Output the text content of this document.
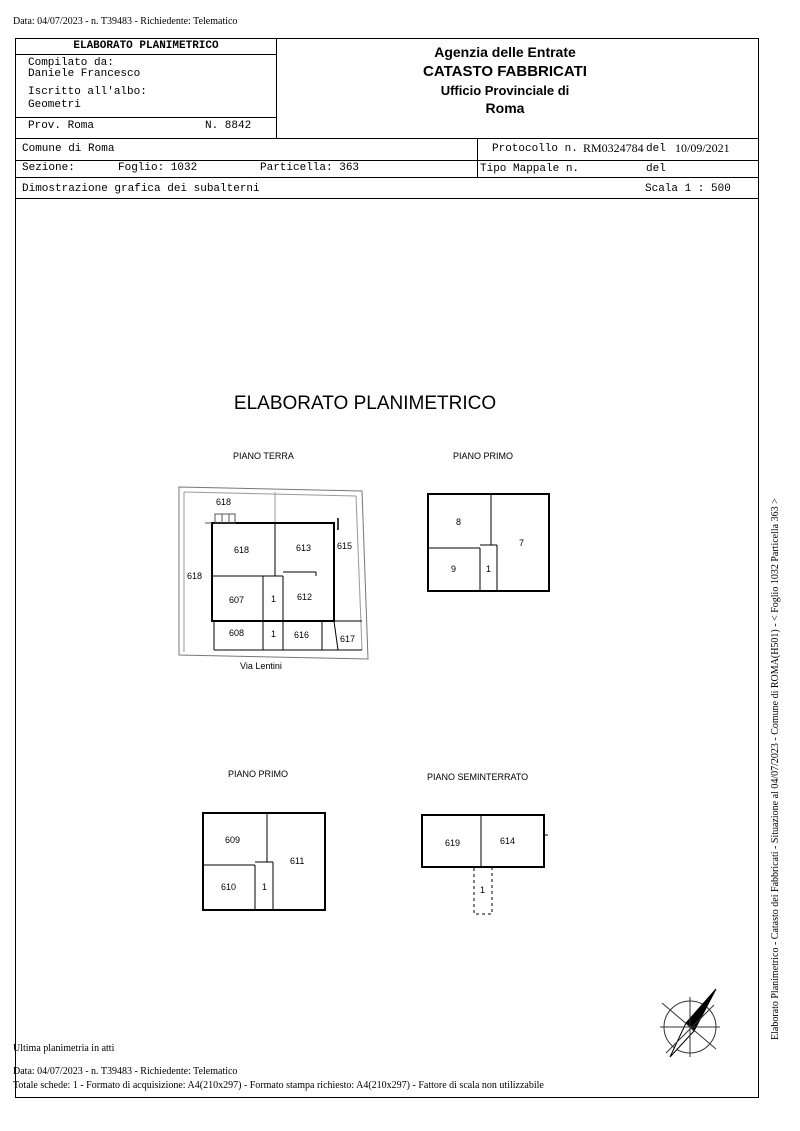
Data: 04/07/2023 - n. T39483 - Richiedente: Telematico
ELABORATO PLANIMETRICO
Compilato da:
Daniele Francesco
Iscritto all'albo:
Geometri
Prov. Roma	N. 8842
Agenzia delle Entrate
CATASTO FABBRICATI
Ufficio Provinciale di
Roma
Comune di Roma
Sezione:	Foglio: 1032	Particella: 363
Protocollo n. RM0324784 del 10/09/2021
Tipo Mappale n.	del
Dimostrazione grafica dei subalterni	Scala 1 : 500
ELABORATO PLANIMETRICO
PIANO TERRA	PIANO PRIMO
PIANO PRIMO	PIANO SEMINTERRATO
Via Lentini
618
618
618
613	615
607	1 612
608	1 616	617
8
7
9	1
609
611
610	1
619	614
1
Ultima planimetria in atti
Data: 04/07/2023 - n. T39483 - Richiedente: Telematico
Totale schede: 1 - Formato di acquisizione: A4(210x297) - Formato stampa richiesto: A4(210x297) - Fattore di scala non utilizzabile
Elaborato Planimetrico - Catasto dei Fabbricati - Situazione al 04/07/2023 - Comune di ROMA(H501) - < Foglio 1032 Particella 363 >
